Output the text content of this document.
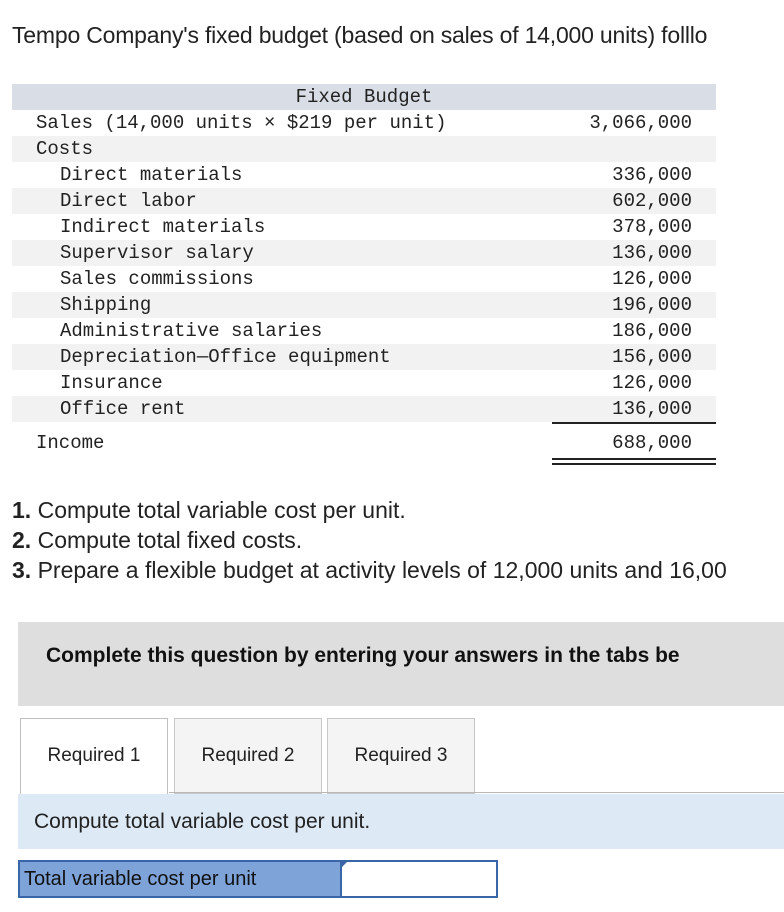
Tempo Company's fixed budget (based on sales of 14,000 units) folllo
Fixed Budget
Sales (14,000 units × $219 per unit)	3,066,000
Costs
Direct materials	336,000
Direct labor	602,000
Indirect materials	378,000
Supervisor salary	136,000
Sales commissions	126,000
Shipping	196,000
Administrative salaries	186,000
Depreciation—Office equipment	156,000
Insurance	126,000
Office rent	136,000
Income	688,000
1. Compute total variable cost per unit.
2. Compute total fixed costs.
3. Prepare a flexible budget at activity levels of 12,000 units and 16,00
Complete this question by entering your answers in the tabs be
Required 1	Required 2	Required 3
Compute total variable cost per unit.
Total variable cost per unit
